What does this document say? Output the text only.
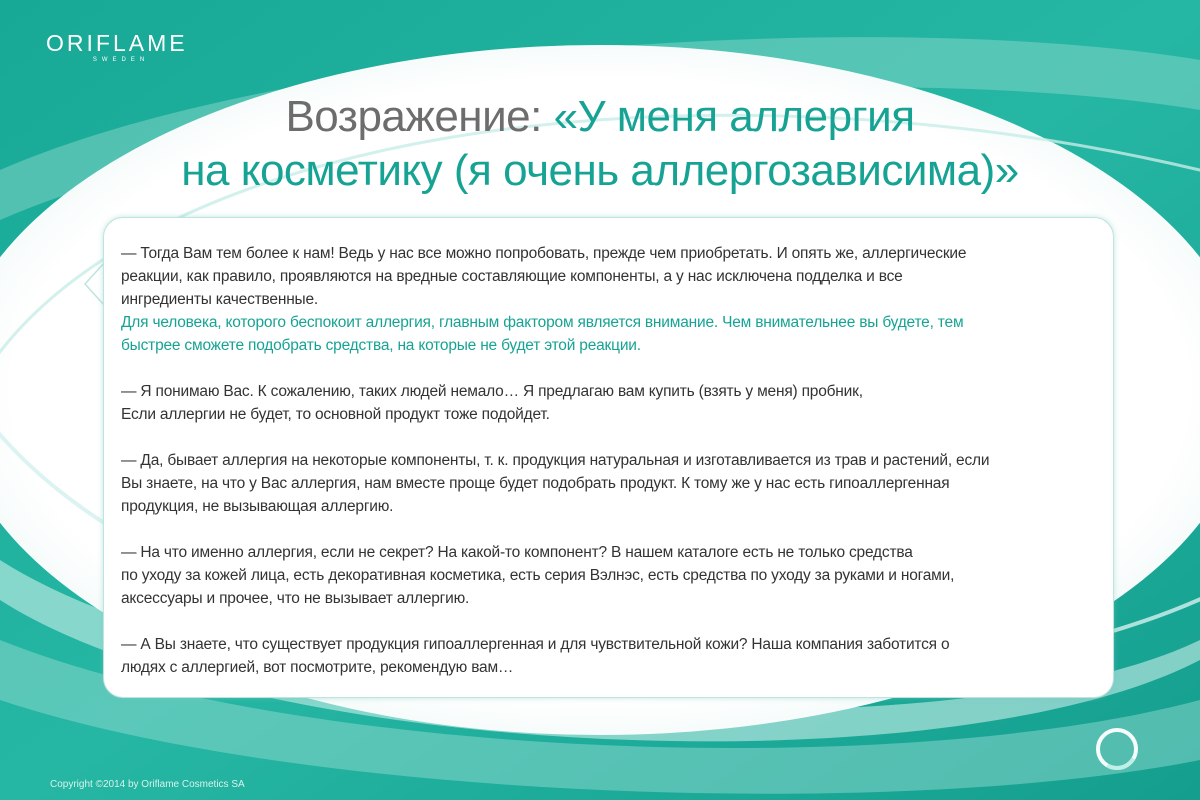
ORIFLAME
SWEDEN
Возражение: «У меня аллергия
на косметику (я очень аллергозависима)»

— Тогда Вам тем более к нам! Ведь у нас все можно попробовать, прежде чем приобретать. И опять же, аллергические
реакции, как правило, проявляются на вредные составляющие компоненты, а у нас исключена подделка и все
ингредиенты качественные.
Для человека, которого беспокоит аллергия, главным фактором является внимание. Чем внимательнее вы будете, тем
быстрее сможете подобрать средства, на которые не будет этой реакции.

— Я понимаю Вас. К сожалению, таких людей немало… Я предлагаю вам купить (взять у меня) пробник,
Если аллергии не будет, то основной продукт тоже подойдет.

— Да, бывает аллергия на некоторые компоненты, т. к. продукция натуральная и изготавливается из трав и растений, если
Вы знаете, на что у Вас аллергия, нам вместе проще будет подобрать продукт. К тому же у нас есть гипоаллергенная
продукция, не вызывающая аллергию.

— На что именно аллергия, если не секрет? На какой-то компонент? В нашем каталоге есть не только средства
по уходу за кожей лица, есть декоративная косметика, есть серия Вэлнэс, есть средства по уходу за руками и ногами,
аксессуары и прочее, что не вызывает аллергию.

— А Вы знаете, что существует продукция гипоаллергенная и для чувствительной кожи? Наша компания заботится о
людях с аллергией, вот посмотрите, рекомендую вам…

Copyright ©2014 by Oriflame Cosmetics SA
